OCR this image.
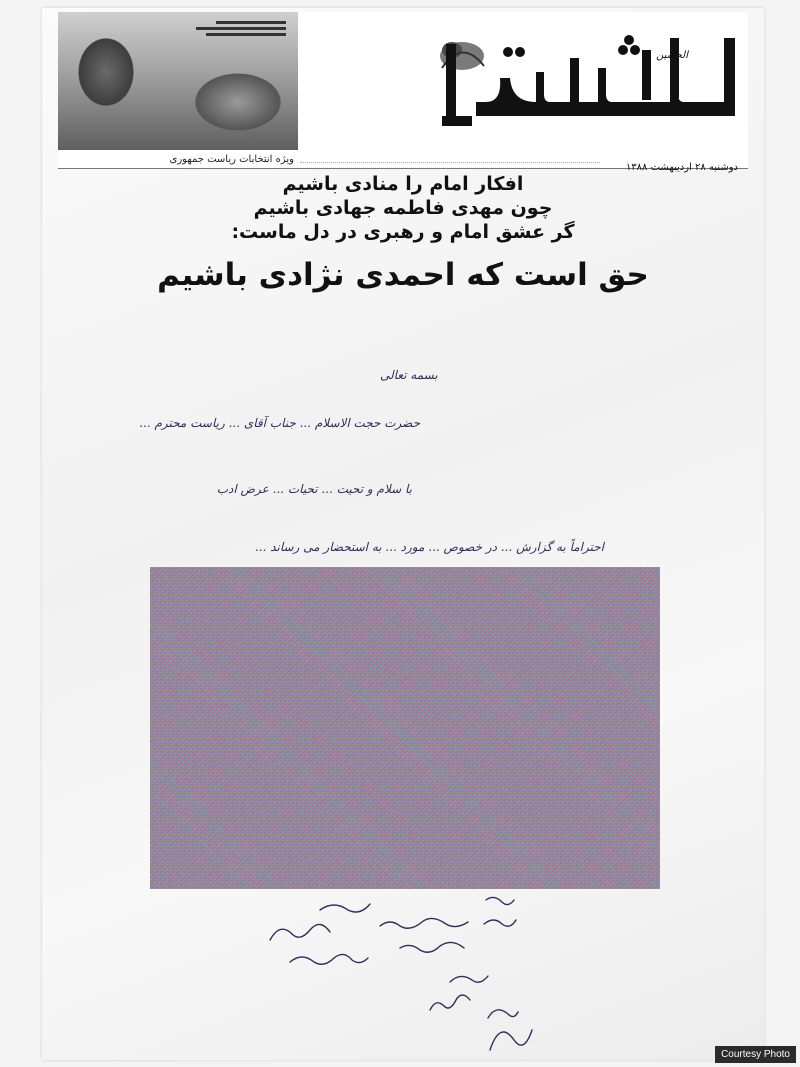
ویژه انتخابات ریاست جمهوری
الحسین
دوشنبه ۲۸ اردیبهشت ۱۳۸۸

افکار امام را منادی باشیم

چون مهدی فاطمه جهادی باشیم

گر عشق امام و رهبری در دل ماست:

حق است که احمدی نژادی باشیم

بسمه تعالی
حضرت حجت الاسلام ... جناب آقای ... ریاست محترم ...
با سلام و تحیت ... تحیات ... عرض ادب
احتراماً به گزارش ... در خصوص ... مورد ... به استحضار می رساند ...
Courtesy Photo
